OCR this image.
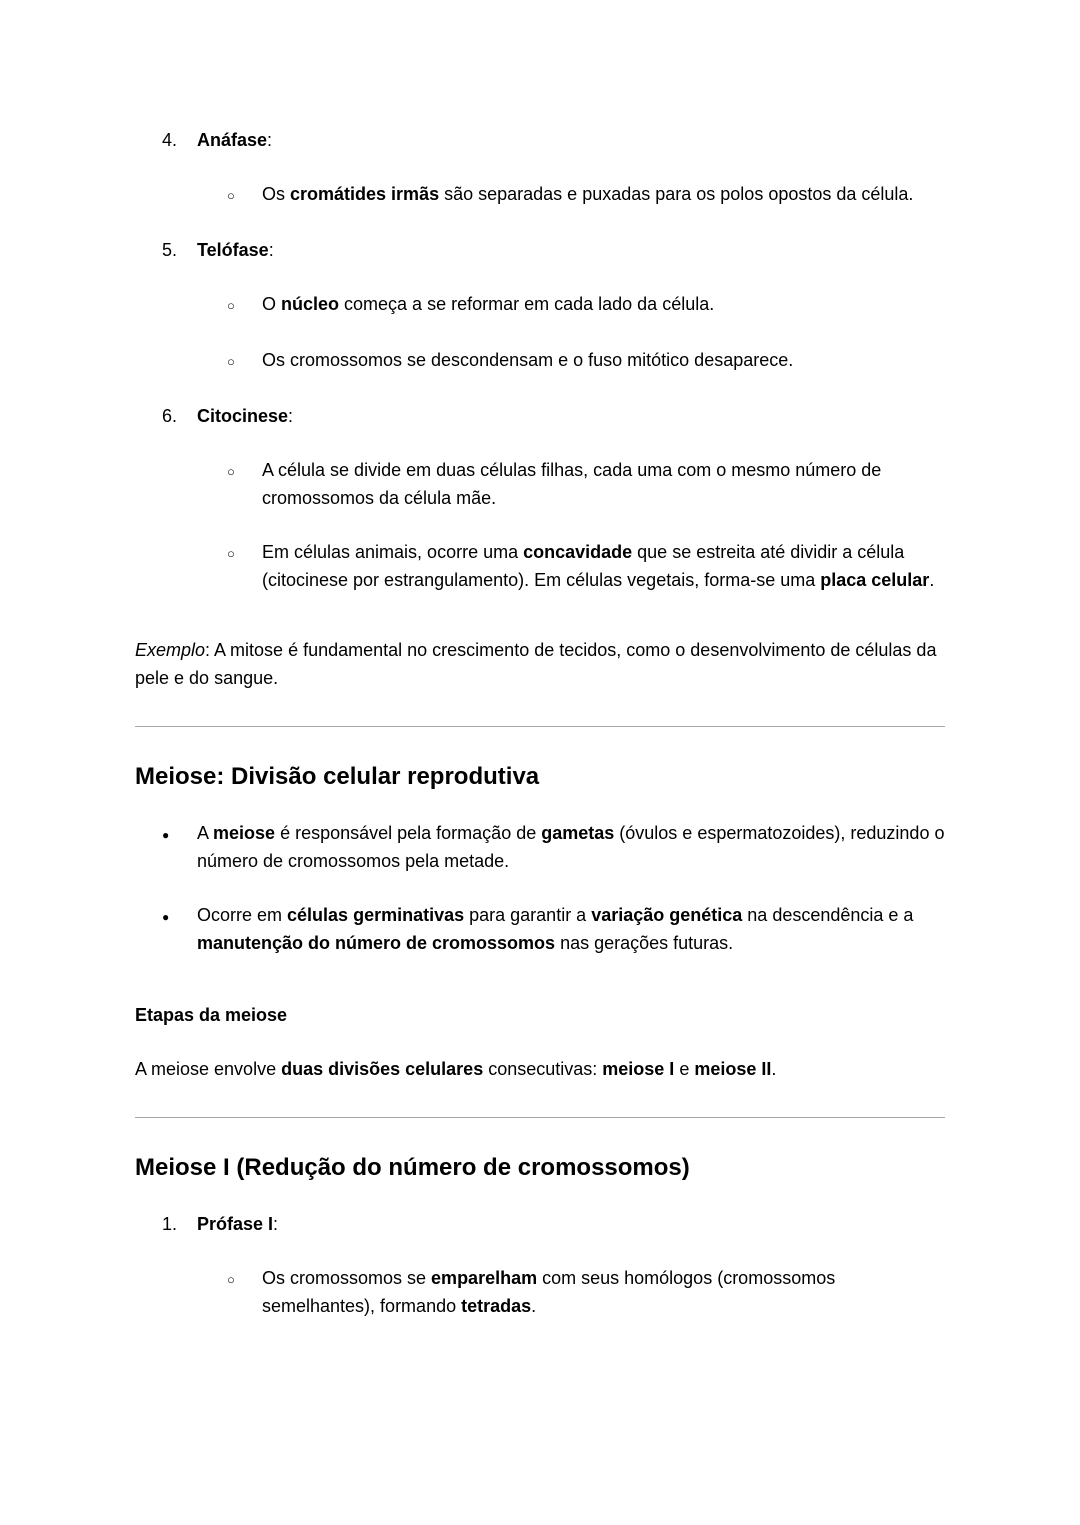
4.	Anáfase:
○	Os cromátides irmãs são separadas e puxadas para os polos opostos da célula.
5.	Telófase:
○	O núcleo começa a se reformar em cada lado da célula.
○	Os cromossomos se descondensam e o fuso mitótico desaparece.
6.	Citocinese:
○	A célula se divide em duas células filhas, cada uma com o mesmo número de cromossomos da célula mãe.
○	Em células animais, ocorre uma concavidade que se estreita até dividir a célula (citocinese por estrangulamento). Em células vegetais, forma-se uma placa celular.

Exemplo: A mitose é fundamental no crescimento de tecidos, como o desenvolvimento de células da pele e do sangue.

Meiose: Divisão celular reprodutiva
●	A meiose é responsável pela formação de gametas (óvulos e espermatozoides), reduzindo o número de cromossomos pela metade.
●	Ocorre em células germinativas para garantir a variação genética na descendência e a manutenção do número de cromossomos nas gerações futuras.
Etapas da meiose

A meiose envolve duas divisões celulares consecutivas: meiose I e meiose II.

Meiose I (Redução do número de cromossomos)
1.	Prófase I:
○	Os cromossomos se emparelham com seus homólogos (cromossomos semelhantes), formando tetradas.
